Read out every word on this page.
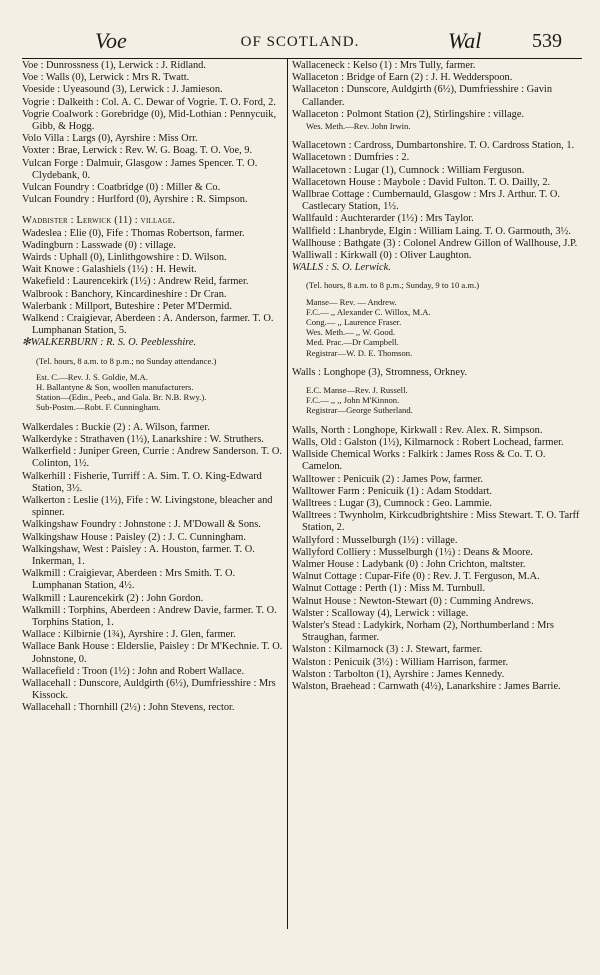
Voe	OF SCOTLAND.	Wal	539
Voe : Dunrossness (1), Lerwick : J. Ridland.
Voe : Walls (0), Lerwick : Mrs R. Twatt.
Voeside : Uyeasound (3), Lerwick : J. Jamieson.
Vogrie : Dalkeith : Col. A. C. Dewar of Vogrie. T. O. Ford, 2.
Vogrie Coalwork : Gorebridge (0), Mid-Lothian : Pennycuik, Gibb, & Hogg.
Volo Villa : Largs (0), Ayrshire : Miss Orr.
Voxter : Brae, Lerwick : Rev. W. G. Boag. T. O. Voe, 9.
Vulcan Forge : Dalmuir, Glasgow : James Spencer. T. O. Clydebank, 0.
Vulcan Foundry : Coatbridge (0) : Miller & Co.
Vulcan Foundry : Hurlford (0), Ayrshire : R. Simpson.
Wadbister : Lerwick (11) : village.
Wadeslea : Elie (0), Fife : Thomas Robertson, farmer.
Wadingburn : Lasswade (0) : village.
Wairds : Uphall (0), Linlithgowshire : D. Wilson.
Wait Knowe : Galashiels (1½) : H. Hewit.
Wakefield : Laurencekirk (1½) : Andrew Reid, farmer.
Walbrook : Banchory, Kincardineshire : Dr Cran.
Walerbank : Millport, Buteshire : Peter M'Dermid.
Walkend : Craigievar, Aberdeen : A. Anderson, farmer. T. O. Lumphanan Station, 5.
✻WALKERBURN : R. S. O. Peeblesshire.
(Tel. hours, 8 a.m. to 8 p.m.; no Sunday attendance.)
Est. C.—Rev. J. S. Goldie, M.A.
H. Ballantyne & Son, woollen manufacturers.
Station—(Edin., Peeb., and Gala. Br. N.B. Rwy.).
Sub-Postm.—Robt. F. Cunningham.
Walkerdales : Buckie (2) : A. Wilson, farmer.
Walkerdyke : Strathaven (1½), Lanarkshire : W. Struthers.
Walkerfield : Juniper Green, Currie : Andrew Sanderson. T. O. Colinton, 1½.
Walkerhill : Fisherie, Turriff : A. Sim. T. O. King-Edward Station, 3½.
Walkerton : Leslie (1½), Fife : W. Livingstone, bleacher and spinner.
Walkingshaw Foundry : Johnstone : J. M'Dowall & Sons.
Walkingshaw House : Paisley (2) : J. C. Cunningham.
Walkingshaw, West : Paisley : A. Houston, farmer. T. O. Inkerman, 1.
Walkmill : Craigievar, Aberdeen : Mrs Smith. T. O. Lumphanan Station, 4½.
Walkmill : Laurencekirk (2) : John Gordon.
Walkmill : Torphins, Aberdeen : Andrew Davie, farmer. T. O. Torphins Station, 1.
Wallace : Kilbirnie (1¾), Ayrshire : J. Glen, farmer.
Wallace Bank House : Elderslie, Paisley : Dr M'Kechnie. T. O. Johnstone, 0.
Wallacefield : Troon (1½) : John and Robert Wallace.
Wallacehall : Dunscore, Auldgirth (6½), Dumfriesshire : Mrs Kissock.
Wallacehall : Thornhill (2½) : John Stevens, rector.
Wallaceneck : Kelso (1) : Mrs Tully, farmer.
Wallaceton : Bridge of Earn (2) : J. H. Wedderspoon.
Wallaceton : Dunscore, Auldgirth (6½), Dumfriesshire : Gavin Callander.
Wallaceton : Polmont Station (2), Stirlingshire : village.
Wes. Meth.—Rev. John Irwin.
Wallacetown : Cardross, Dumbartonshire. T. O. Cardross Station, 1.
Wallacetown : Dumfries : 2.
Wallacetown : Lugar (1), Cumnock : William Ferguson.
Wallacetown House : Maybole : David Fulton. T. O. Dailly, 2.
Wallbrae Cottage : Cumbernauld, Glasgow : Mrs J. Arthur. T. O. Castlecary Station, 1½.
Wallfauld : Auchterarder (1½) : Mrs Taylor.
Wallfield : Lhanbryde, Elgin : William Laing. T. O. Garmouth, 3½.
Wallhouse : Bathgate (3) : Colonel Andrew Gillon of Wallhouse, J.P.
Walliwall : Kirkwall (0) : Oliver Laughton.
WALLS : S. O. Lerwick.
(Tel. hours, 8 a.m. to 8 p.m.; Sunday, 9 to 10 a.m.)
Manse— Rev. — Andrew.
F.C.— ,, Alexander C. Willox, M.A.
Cong.— ,, Laurence Fraser.
Wes. Meth.— ,, W. Good.
Med. Prac.—Dr Campbell.
Registrar—W. D. E. Thomson.
Walls : Longhope (3), Stromness, Orkney.
E.C. Manse—Rev. J. Russell.
F.C.— ,, ,, John M'Kinnon.
Registrar—George Sutherland.
Walls, North : Longhope, Kirkwall : Rev. Alex. R. Simpson.
Walls, Old : Galston (1½), Kilmarnock : Robert Lochead, farmer.
Wallside Chemical Works : Falkirk : James Ross & Co. T. O. Camelon.
Walltower : Penicuik (2) : James Pow, farmer.
Walltower Farm : Penicuik (1) : Adam Stoddart.
Walltrees : Lugar (3), Cumnock : Geo. Lammie.
Walltrees : Twynholm, Kirkcudbrightshire : Miss Stewart. T. O. Tarff Station, 2.
Wallyford : Musselburgh (1½) : village.
Wallyford Colliery : Musselburgh (1½) : Deans & Moore.
Walmer House : Ladybank (0) : John Crichton, maltster.
Walnut Cottage : Cupar-Fife (0) : Rev. J. T. Ferguson, M.A.
Walnut Cottage : Perth (1) : Miss M. Turnbull.
Walnut House : Newton-Stewart (0) : Cumming Andrews.
Walster : Scalloway (4), Lerwick : village.
Walster's Stead : Ladykirk, Norham (2), Northumberland : Mrs Straughan, farmer.
Walston : Kilmarnock (3) : J. Stewart, farmer.
Walston : Penicuik (3½) : William Harrison, farmer.
Walston : Tarbolton (1), Ayrshire : James Kennedy.
Walston, Braehead : Carnwath (4½), Lanarkshire : James Barrie.
